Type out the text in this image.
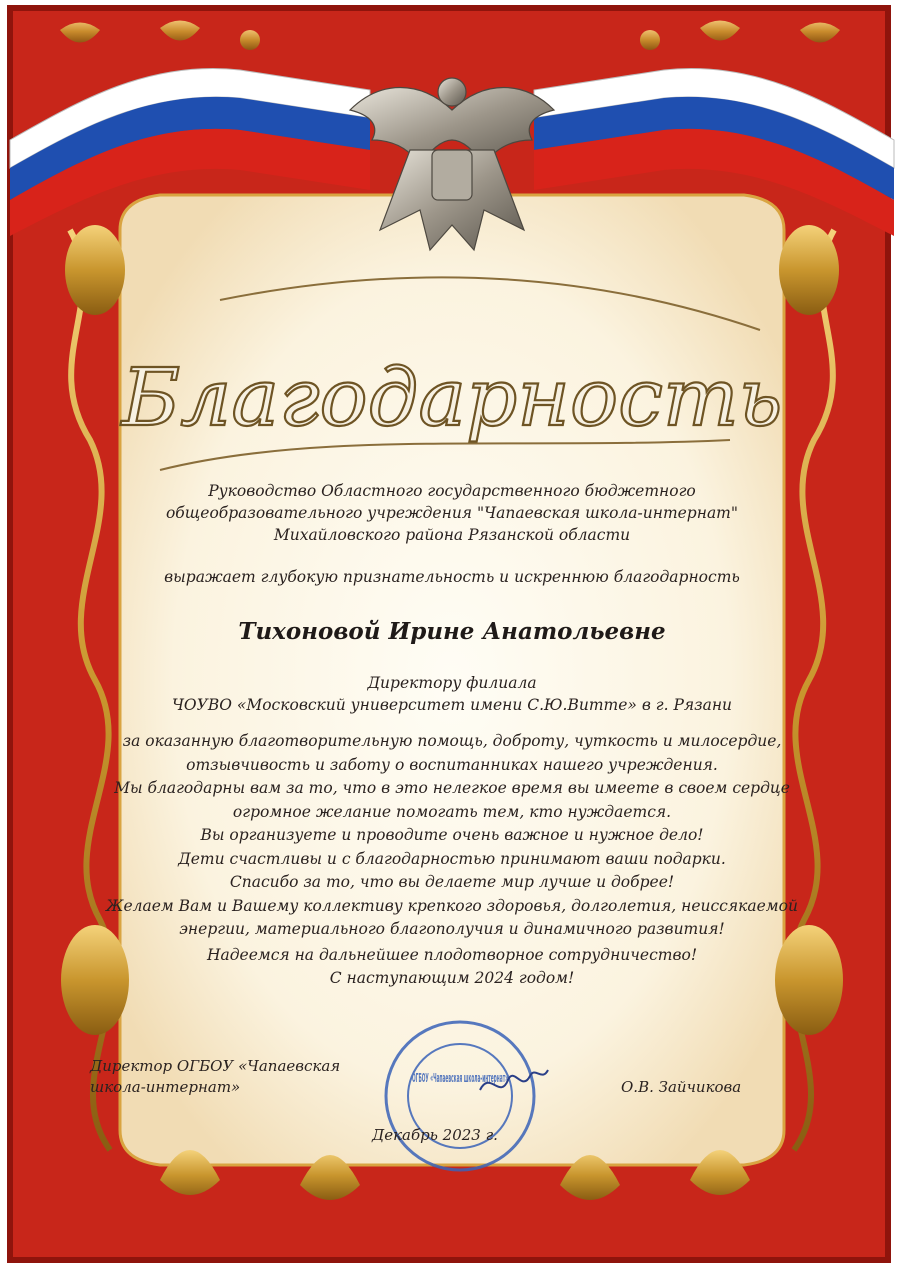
Благодарность
ОГБОУ «Чапаевская школа-интернат»
Руководство Областного государственного бюджетного
общеобразовательного учреждения "Чапаевская школа-интернат"
Михайловского района Рязанской области
выражает глубокую признательность и искреннюю благодарность
Тихоновой Ирине Анатольевне
Директору филиала
ЧОУВО «Московский университет имени С.Ю.Витте» в г. Рязани
за оказанную благотворительную помощь, доброту, чуткость и милосердие,
отзывчивость и заботу о воспитанниках нашего учреждения.
Мы благодарны вам за то, что в это нелегкое время вы имеете в своем сердце
огромное желание помогать тем, кто нуждается.
Вы организуете и проводите очень важное и нужное дело!
Дети счастливы и с благодарностью принимают ваши подарки.
Спасибо за то, что вы делаете мир лучше и добрее!
Желаем Вам и Вашему коллективу крепкого здоровья, долголетия, неиссякаемой
энергии, материального благополучия и динамичного развития!
Надеемся на дальнейшее плодотворное сотрудничество!
С наступающим 2024 годом!
Директор ОГБОУ «Чапаевская
школа-интернат»	О.В. Зайчикова
Декабрь 2023 г.
